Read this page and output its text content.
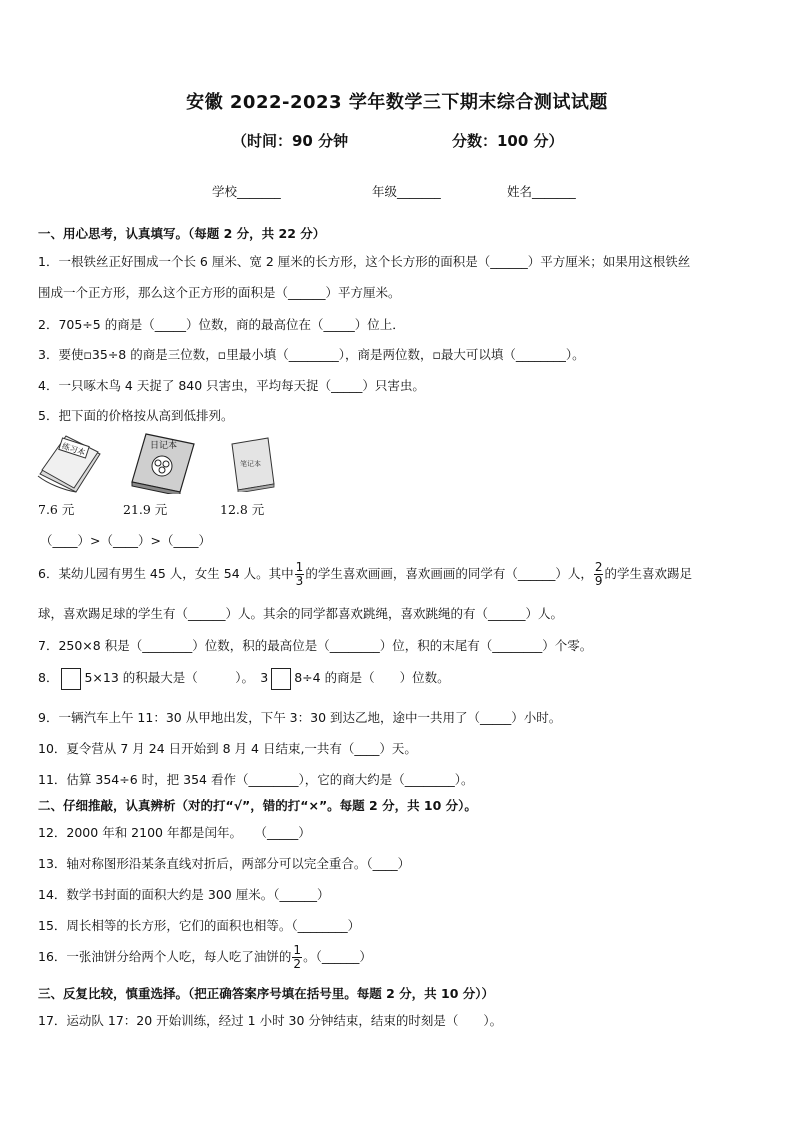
安徽 2022-2023 学年数学三下期末综合测试试题
（时间：90 分钟	分数：100 分）
学校_______	年级_______	姓名_______
一、用心思考，认真填写。（每题 2 分，共 22 分）
1．一根铁丝正好围成一个长 6 厘米、宽 2 厘米的长方形，这个长方形的面积是（______）平方厘米；如果用这根铁丝
围成一个正方形，那么这个正方形的面积是（______）平方厘米。
2．705÷5 的商是（_____）位数，商的最高位在（_____）位上．
3．要使▫35÷8 的商是三位数，▫里最小填（________），商是两位数，▫最大可以填（________）。
4．一只啄木鸟 4 天捉了 840 只害虫，平均每天捉（_____）只害虫。
5．把下面的价格按从高到低排列。
练习本	日记本
笔记本
7.6 元	21.9 元	12.8 元
（____）>（____）>（____）
6．某幼儿园有男生 45 人，女生 54 人。其中 $\frac{1}{3}$ 的学生喜欢画画，喜欢画画的同学有（______）人， $\frac{2}{9}$ 的学生喜欢踢足
球，喜欢踢足球的学生有（______）人。其余的同学都喜欢跳绳，喜欢跳绳的有（______）人。
7．250×8 积是（________）位数，积的最高位是（________）位，积的末尾有（________）个零。
8． 5×13 的积最大是（　　　）。　3 8÷4 的商是（　　）位数。
9．一辆汽车上午 11：30 从甲地出发，下午 3：30 到达乙地，途中一共用了（_____）小时。
10．夏令营从 7 月 24 日开始到 8 月 4 日结束,一共有（____）天。
11．估算 354÷6 时，把 354 看作（________），它的商大约是（________）。
二、仔细推敲，认真辨析（对的打“√”，错的打“×”。每题 2 分，共 10 分）。
12．2000 年和 2100 年都是闰年。　　（_____）
13．轴对称图形沿某条直线对折后，两部分可以完全重合。（____）
14．数学书封面的面积大约是 300 厘米。（______）
15．周长相等的长方形，它们的面积也相等。（________）
16．一张油饼分给两个人吃，每人吃了油饼的 $\frac{1}{2}$ 。（______）
三、反复比较，慎重选择。（把正确答案序号填在括号里。每题 2 分，共 10 分））
17．运动队 17：20 开始训练，经过 1 小时 30 分钟结束，结束的时刻是（　　）。
